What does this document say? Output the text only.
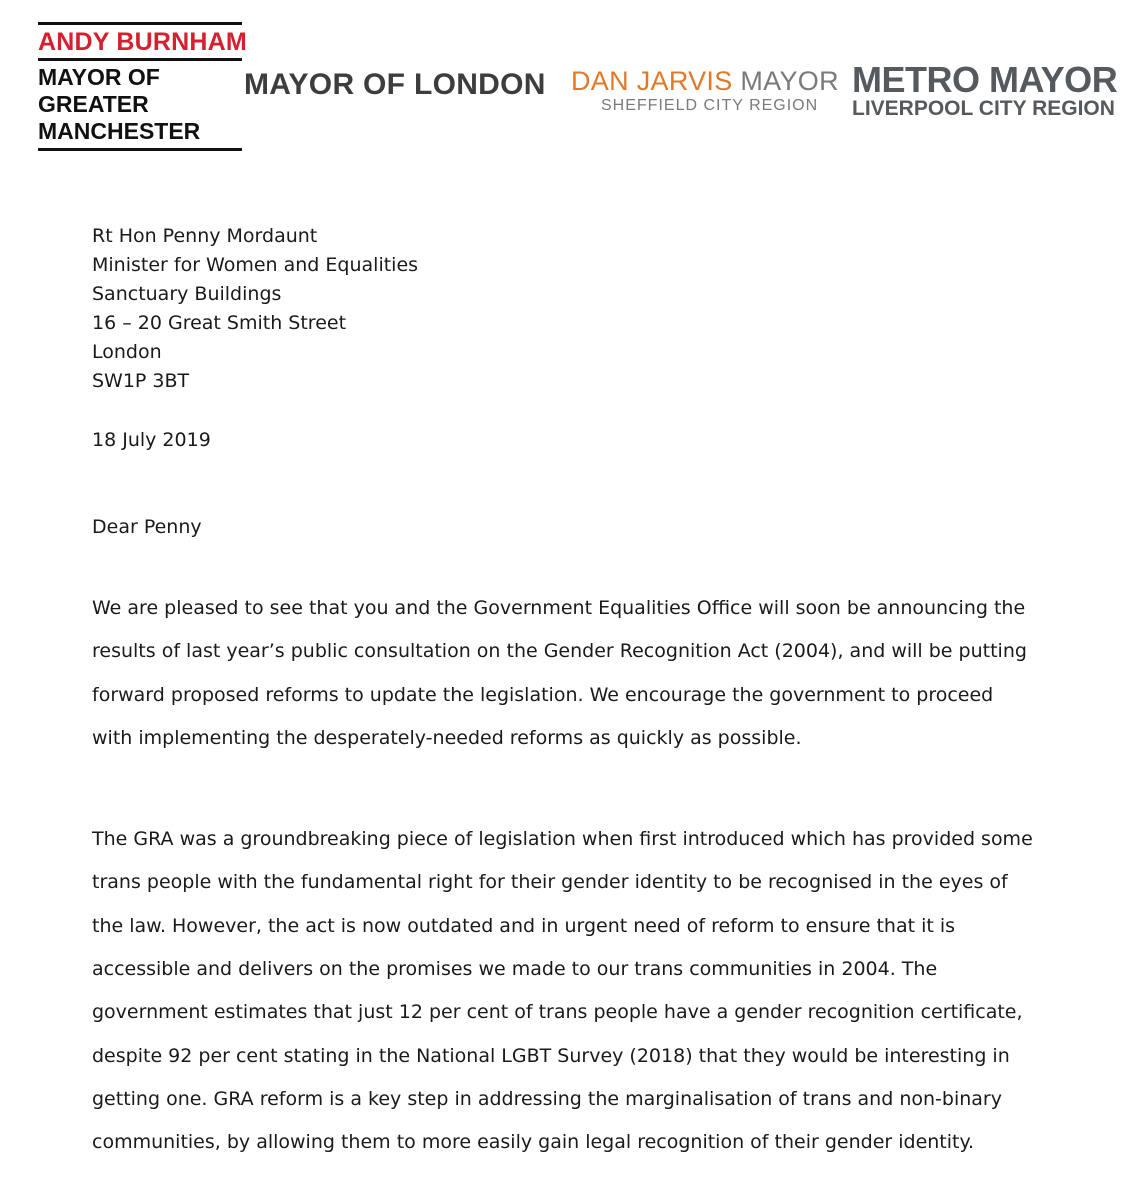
ANDY BURNHAM
MAYOR OF
GREATER
MANCHESTER
MAYOR OF LONDON DAN JARVIS MAYOR
SHEFFIELD CITY REGION
METRO MAYOR
LIVERPOOL CITY REGION
Rt Hon Penny Mordaunt
Minister for Women and Equalities
Sanctuary Buildings
16 – 20 Great Smith Street
London
SW1P 3BT
18 July 2019
Dear Penny
We are pleased to see that you and the Government Equalities Office will soon be announcing the
results of last year’s public consultation on the Gender Recognition Act (2004), and will be putting
forward proposed reforms to update the legislation. We encourage the government to proceed
with implementing the desperately-needed reforms as quickly as possible.
The GRA was a groundbreaking piece of legislation when first introduced which has provided some
trans people with the fundamental right for their gender identity to be recognised in the eyes of
the law. However, the act is now outdated and in urgent need of reform to ensure that it is
accessible and delivers on the promises we made to our trans communities in 2004. The
government estimates that just 12 per cent of trans people have a gender recognition certificate,
despite 92 per cent stating in the National LGBT Survey (2018) that they would be interesting in
getting one. GRA reform is a key step in addressing the marginalisation of trans and non-binary
communities, by allowing them to more easily gain legal recognition of their gender identity.
